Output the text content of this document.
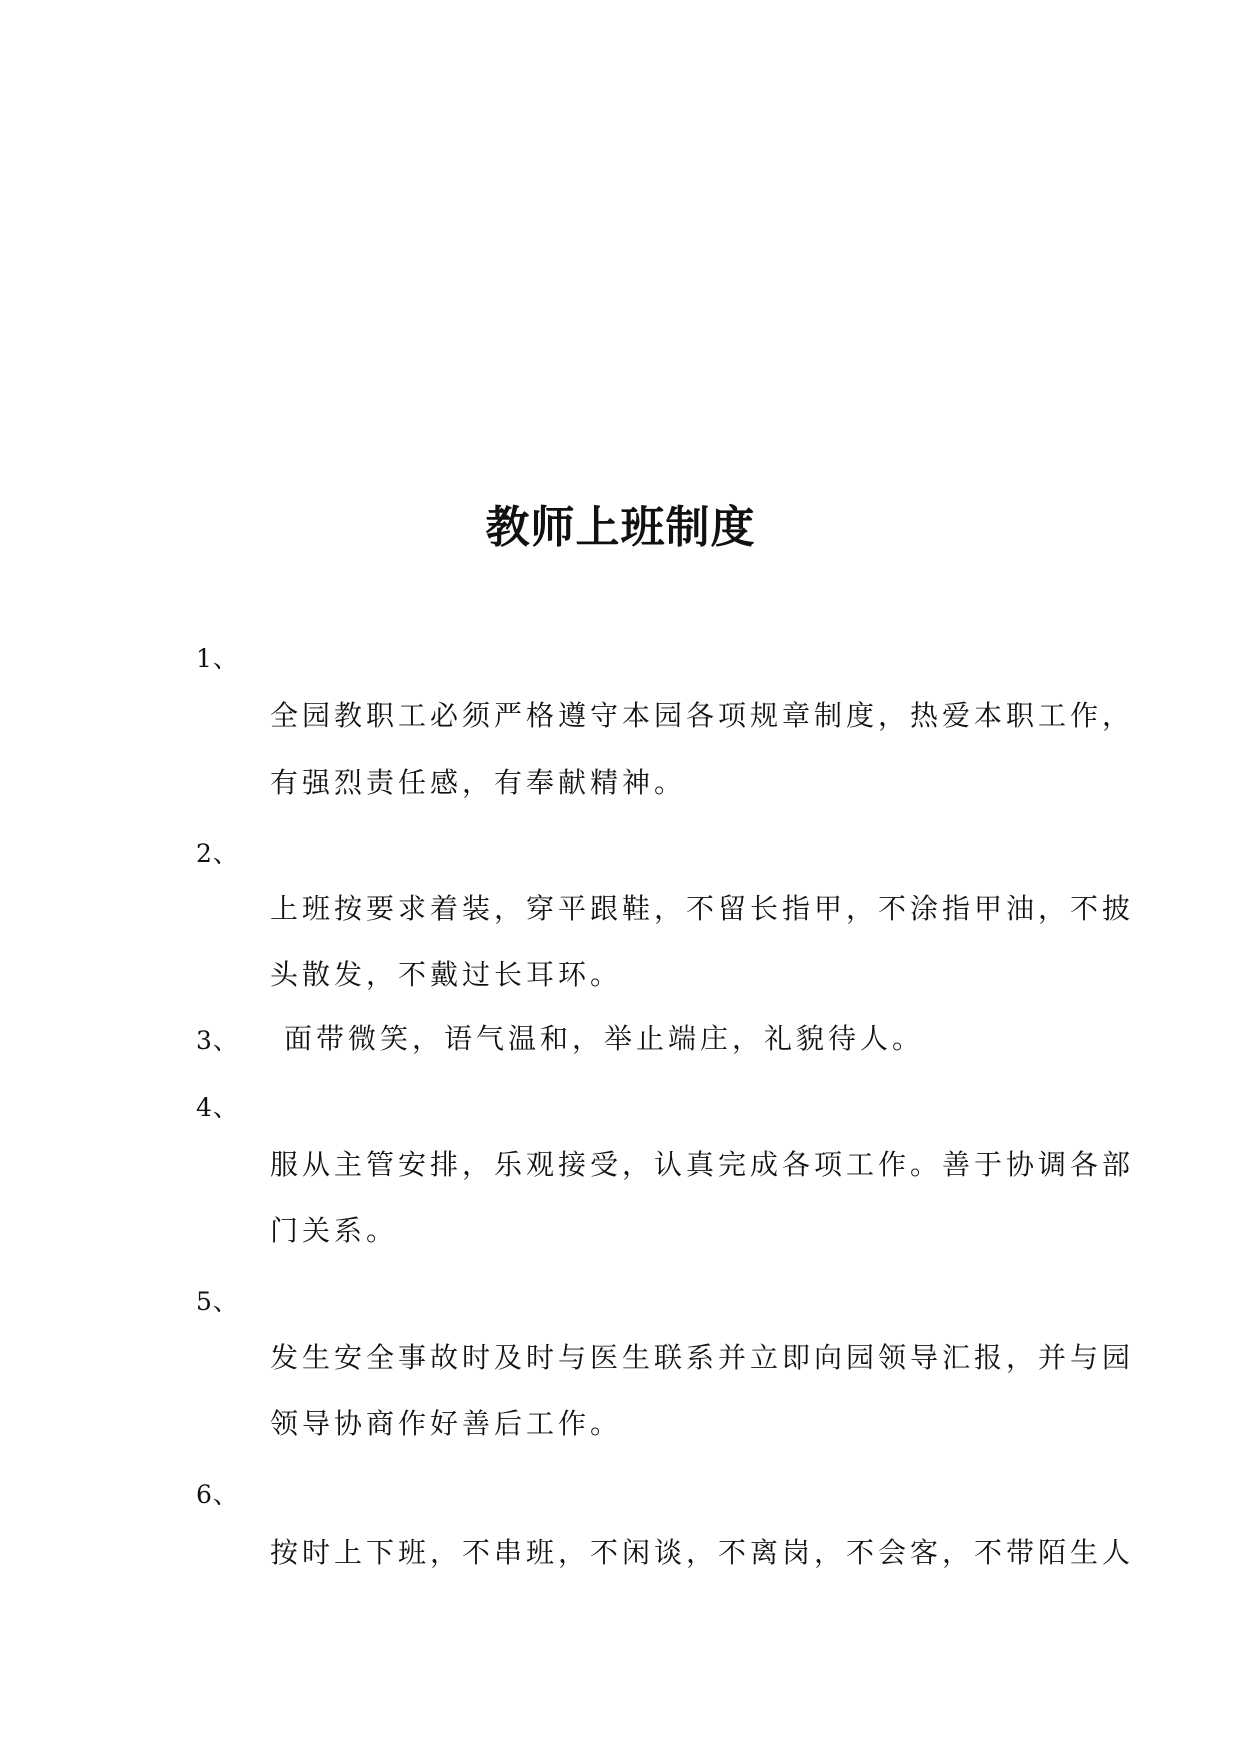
教师上班制度
1、
全园教职工必须严格遵守本园各项规章制度，热爱本职工作，
有强烈责任感，有奉献精神。
2、
上班按要求着装，穿平跟鞋，不留长指甲，不涂指甲油，不披
头散发，不戴过长耳环。
3、 面带微笑，语气温和，举止端庄，礼貌待人。
4、
服从主管安排，乐观接受，认真完成各项工作。善于协调各部
门关系。
5、
发生安全事故时及时与医生联系并立即向园领导汇报，并与园
领导协商作好善后工作。
6、
按时上下班，不串班，不闲谈，不离岗，不会客，不带陌生人
